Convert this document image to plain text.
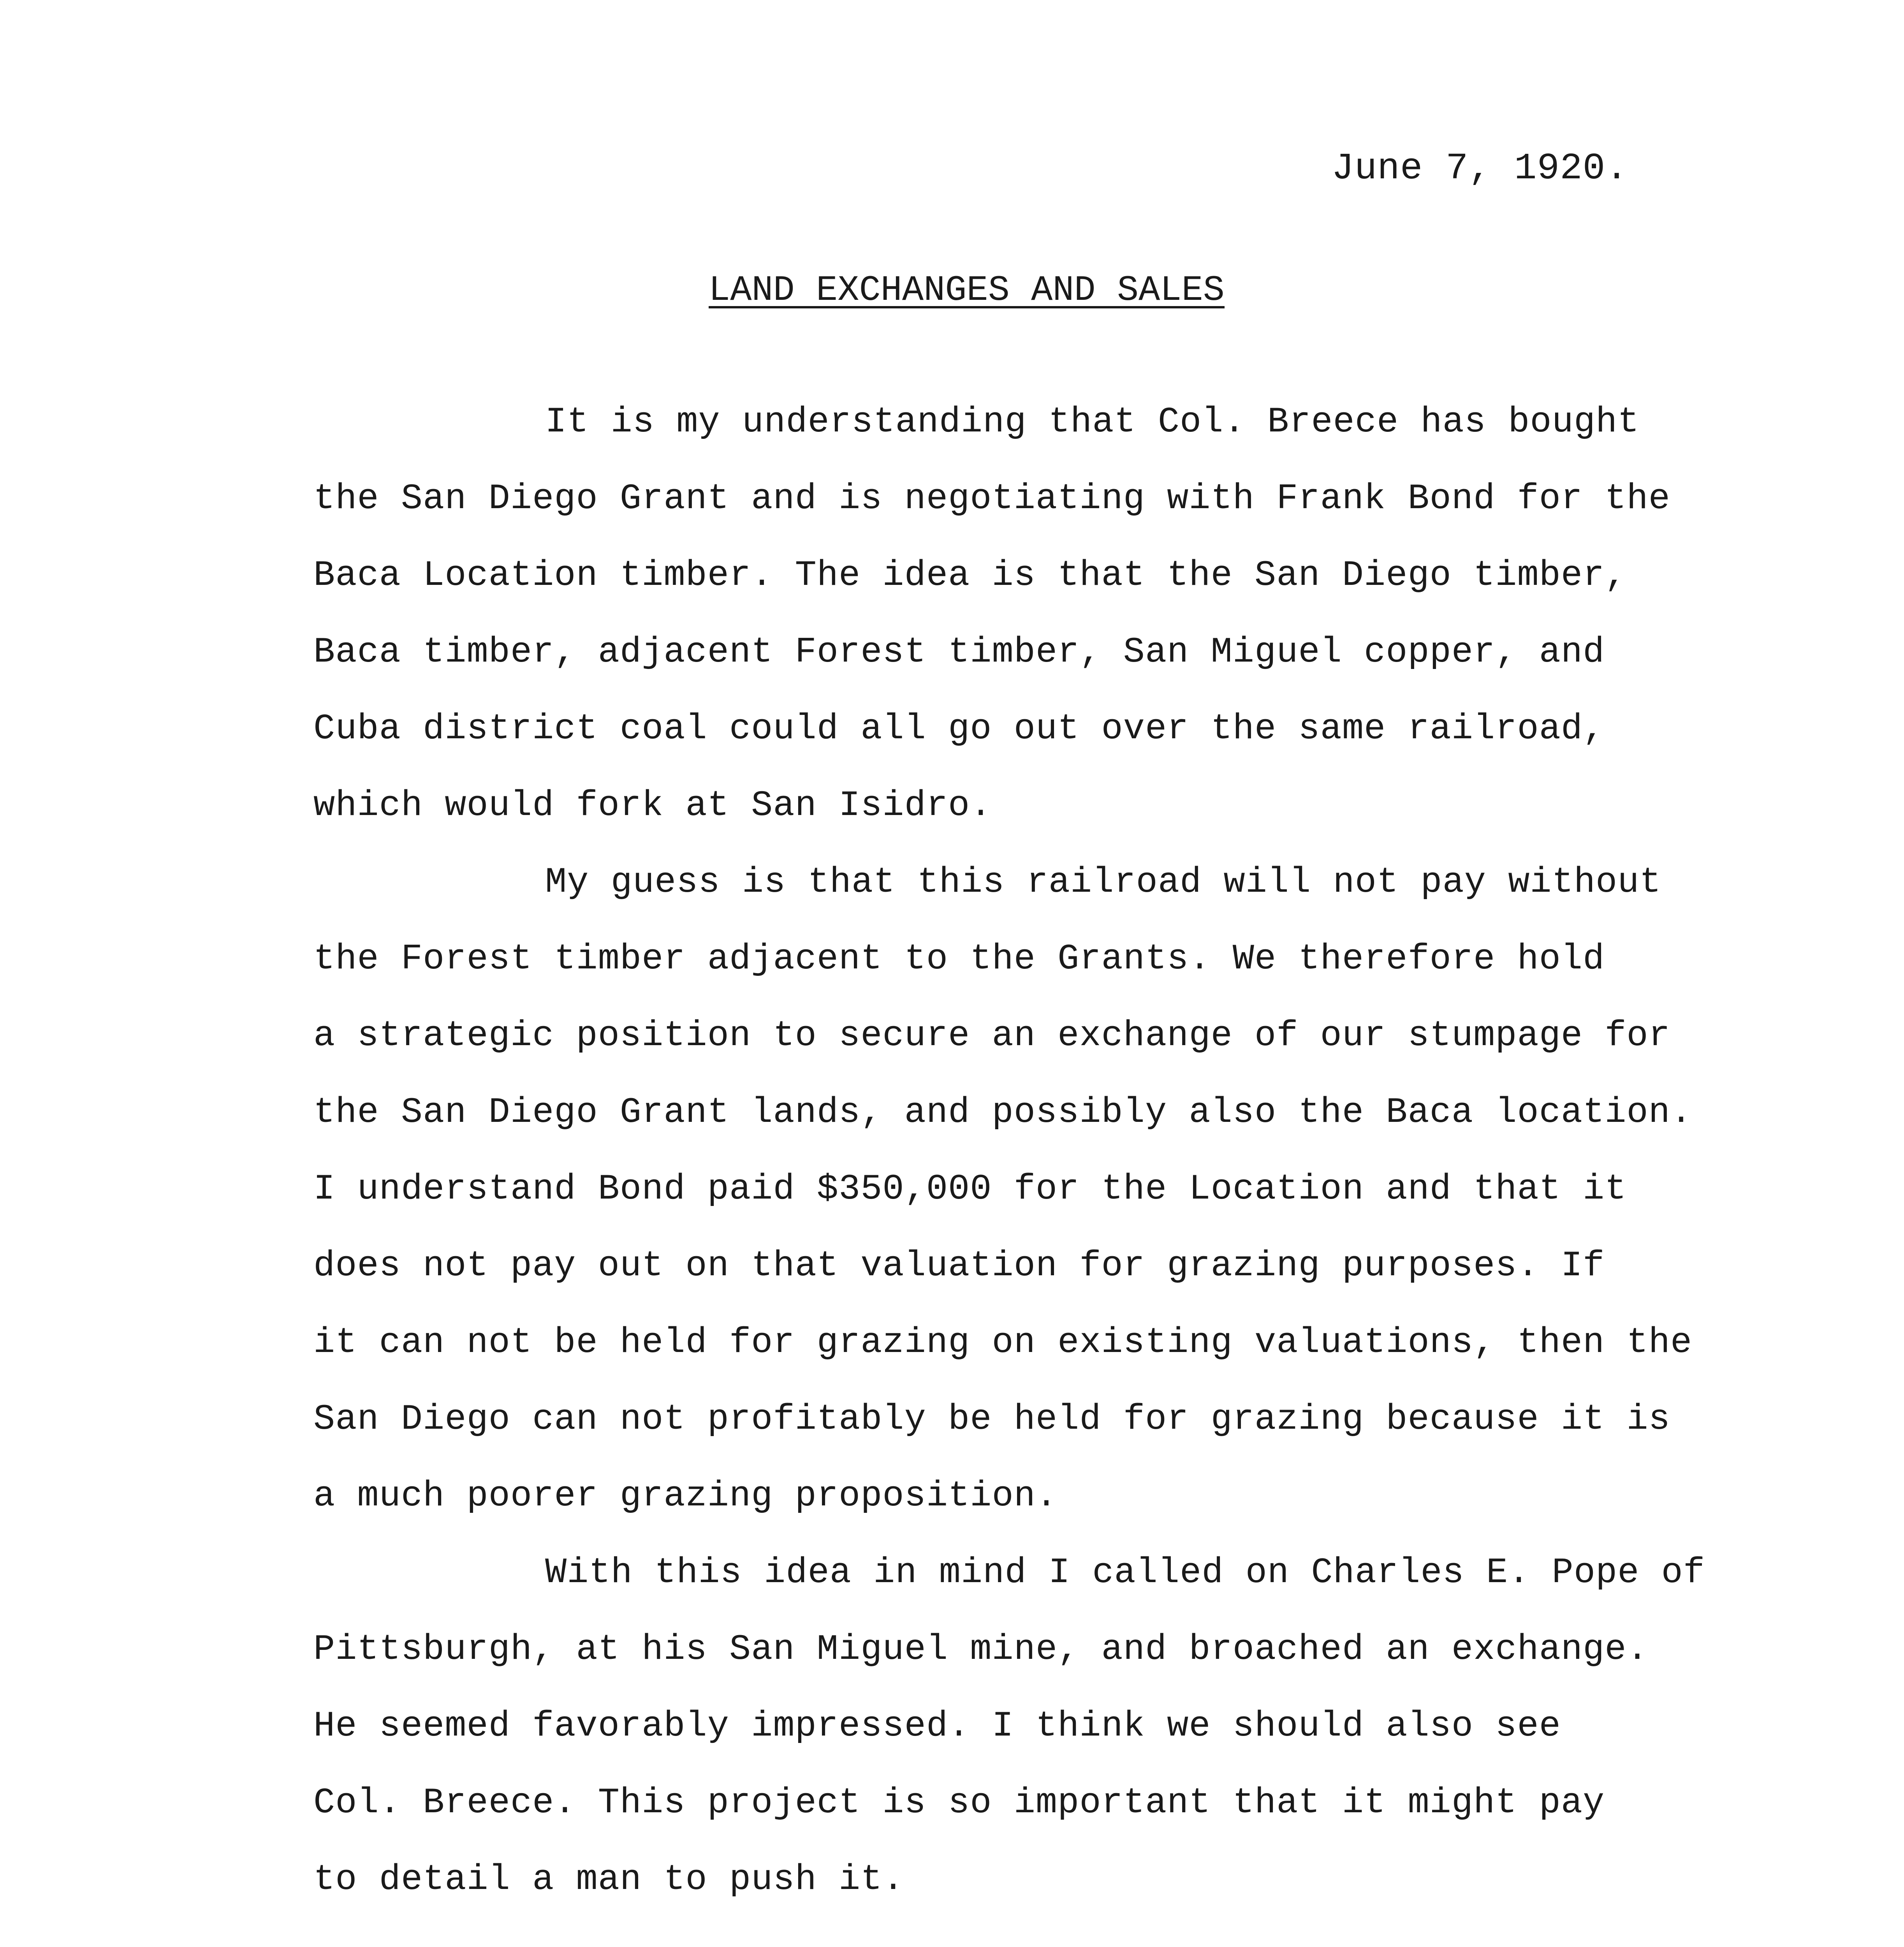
June 7, 1920.
LAND EXCHANGES AND SALES
It is my understanding that Col. Breece has bought
the San Diego Grant and is negotiating with Frank Bond for the
Baca Location timber. The idea is that the San Diego timber,
Baca timber, adjacent Forest timber, San Miguel copper, and
Cuba district coal could all go out over the same railroad,
which would fork at San Isidro.
My guess is that this railroad will not pay without
the Forest timber adjacent to the Grants. We therefore hold
a strategic position to secure an exchange of our stumpage for
the San Diego Grant lands, and possibly also the Baca location.
I understand Bond paid $350,000 for the Location and that it
does not pay out on that valuation for grazing purposes. If
it can not be held for grazing on existing valuations, then the
San Diego can not profitably be held for grazing because it is
a much poorer grazing proposition.
With this idea in mind I called on Charles E. Pope of
Pittsburgh, at his San Miguel mine, and broached an exchange.
He seemed favorably impressed. I think we should also see
Col. Breece. This project is so important that it might pay
to detail a man to push it.
